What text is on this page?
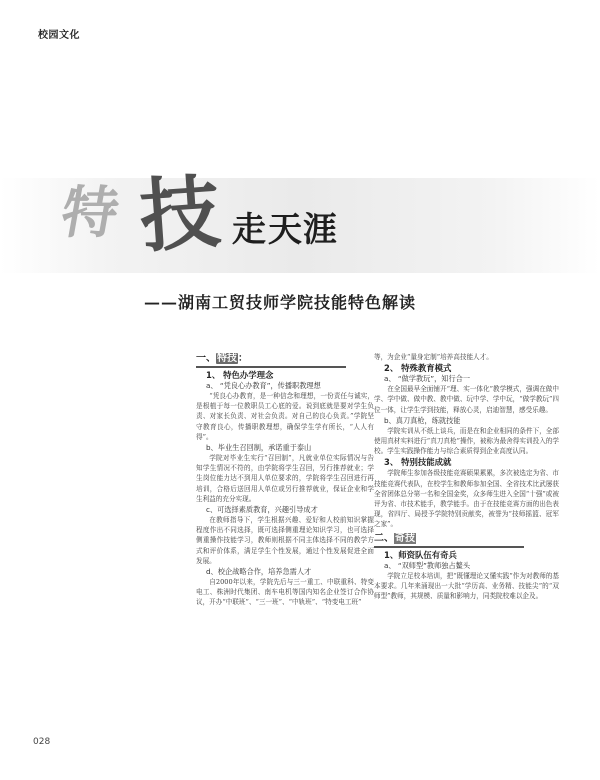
校园文化
特 技 走 天 涯
——湖南工贸技师学院技能特色解读

一、特技：

1、 特色办学理念

a、 “凭良心办教育”，传播职教理想

“凭良心办教育，是一种信念和理想，一份责任与诚实，是根植于每一位教职员工心底的爱。说到底就是要对学生负责、对家长负责、对社会负责。对自己的良心负责。”学院坚守教育良心，传播职教理想，确保学生学有所长，“人人有得”。

b、毕业生召回制，承诺重于泰山

学院对毕业生实行“召回制”，凡就业单位实际情况与告知学生情况不符的，由学院将学生召回，另行推荐就业；学生岗位能力达不到用人单位要求的，学院将学生召回进行再培训，合格后送回用人单位或另行推荐就业，保证企业和学生利益的充分实现。

c、可选择素质教育，兴趣引导成才

在教师指导下，学生根据兴趣、爱好和人校前知识掌握程度作出不同选择，既可选择侧重理论知识学习，也可选择侧重操作技能学习，教师则根据不同主体选择不同的教学方式和评价体系，满足学生个性发展，通过个性发展促进全面发展。

d、校企战略合作，培养急需人才

自2000年以来，学院先后与三一重工、中联重科、特变电工、株洲时代集团、南车电机等国内知名企业签订合作协议，开办“中联班”、“三一班”、“中轨班”、“特变电工班”

等，为企业“量身定制”培养高技能人才。

2、 特殊教育模式

a、 “做学教玩”，知行合一

在全国最早全面铺开“理、实一体化”教学模式，强调在做中学、学中做、做中教、教中做、玩中学、学中玩，“做学教玩”四位一体，让学生学到技能，释放心灵，启迪智慧，感受乐趣。

b、真刀真枪，练就技能

学院实训从不纸上谈兵，而是在和企业相同的条件下，全部使用真材实料进行“真刀真枪”操作，被称为最舍得实训投入的学校。学生实践操作能力与综合素质得到企业高度认同。

3、 特别技能成就

学院师生参加各级技能竞赛硕果累累，多次被选定为省、市技能竞赛代表队，在校学生和教师参加全国、全省技术比武屡获全省团体总分第一名和全国金奖，众多师生进入全国“十强”或被评为省、市技术能手，教学能手。由于在技能竞赛方面的出色表现，省四厅、局授予学院特别贡献奖，被誉为“技师摇篮、冠军之家”。

二、奇技

1、师资队伍有奇兵

a、 “双师型”教师独占鳌头

学院立足校本培训，把“既懂理论又懂实践”作为对教师的基本要求。几年来涌现出一大批“学历高、业务精、技能尖”的“双师型”教师，其规模、质量和影响力，同类院校难以企及。

028
